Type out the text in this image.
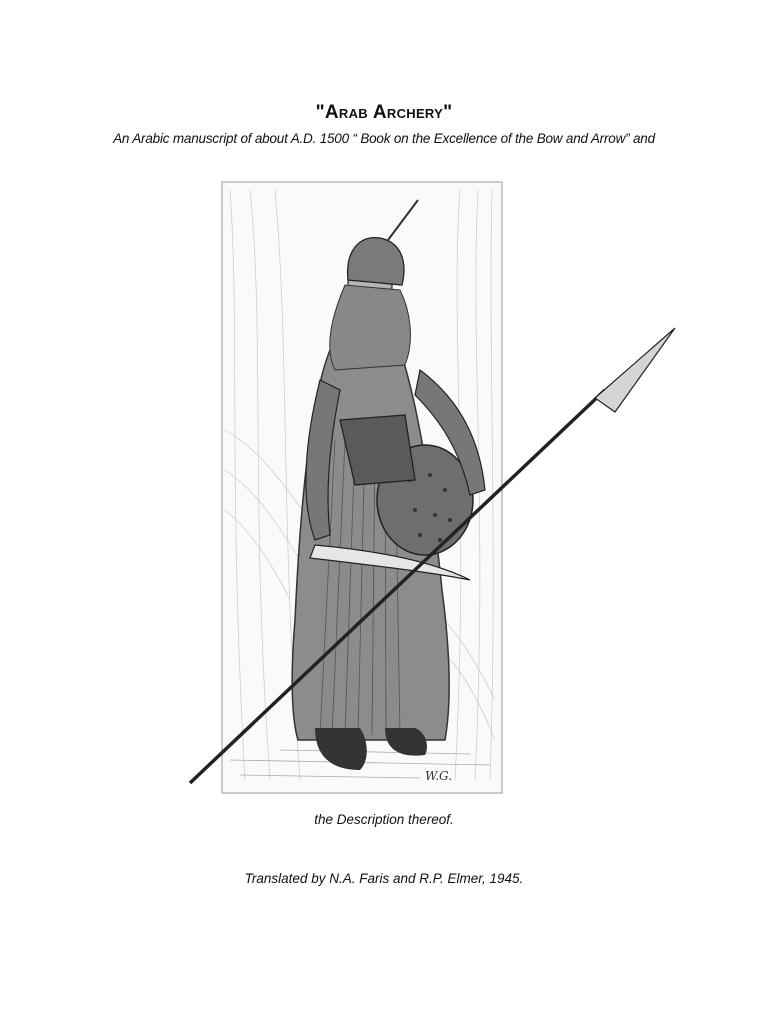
"Arab Archery"

An Arabic manuscript of about A.D. 1500 “ Book on the Excellence of the Bow and Arrow” and

W.G.

the Description thereof.

Translated by N.A. Faris and R.P. Elmer, 1945.
